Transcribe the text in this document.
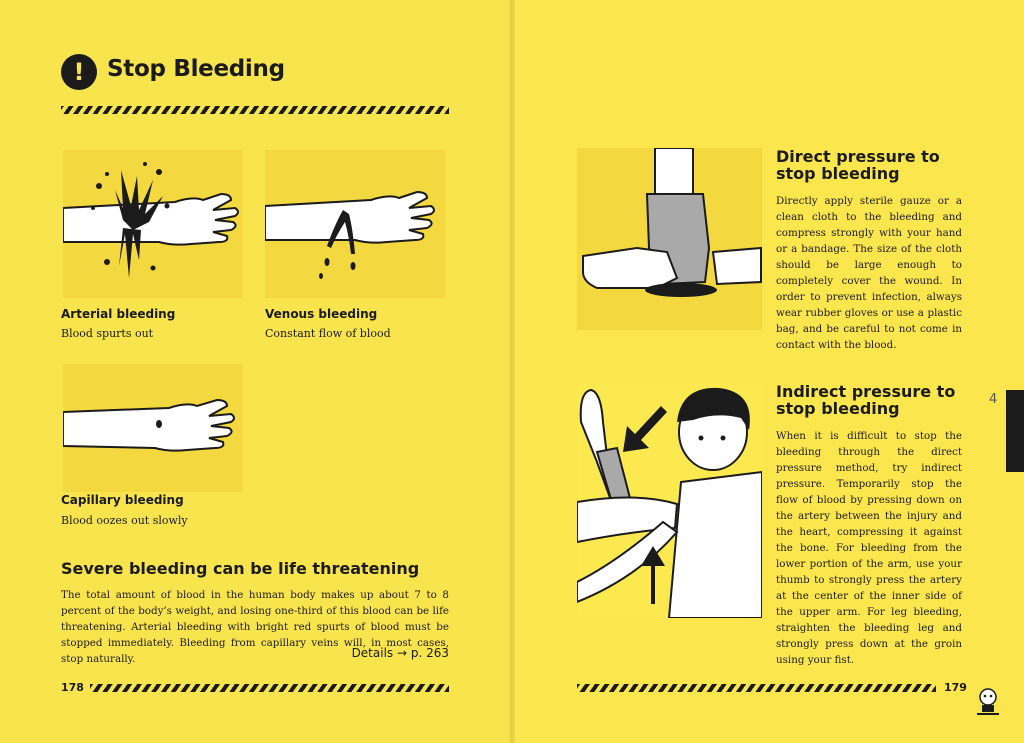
! Stop Bleeding
Arterial bleeding

Blood spurts out

Venous bleeding

Constant flow of blood

Capillary bleeding

Blood oozes out slowly

Severe bleeding can be life threatening

The total amount of blood in the human body makes up about 7 to 8 percent of the body’s weight, and losing one-third of this blood can be life threatening. Arterial bleeding with bright red spurts of blood must be stopped immediately. Bleeding from capillary veins will, in most cases, stop naturally.	Details → p. 263
178
Direct pressure to stop bleeding

Directly apply sterile gauze or a clean cloth to the bleeding and compress strongly with your hand or a bandage. The size of the cloth should be large enough to completely cover the wound. In order to prevent infection, always wear rubber gloves or use a plastic bag, and be careful to not come in contact with the blood.

Indirect pressure to stop bleeding

When it is difficult to stop the bleeding through the direct pressure method, try indirect pressure. Temporarily stop the flow of blood by pressing down on the artery between the injury and the heart, compressing it against the bone. For bleeding from the lower portion of the arm, use your thumb to strongly press the artery at the center of the inner side of the upper arm. For leg bleeding, straighten the bleeding leg and strongly press down at the groin using your fist.

4
179
